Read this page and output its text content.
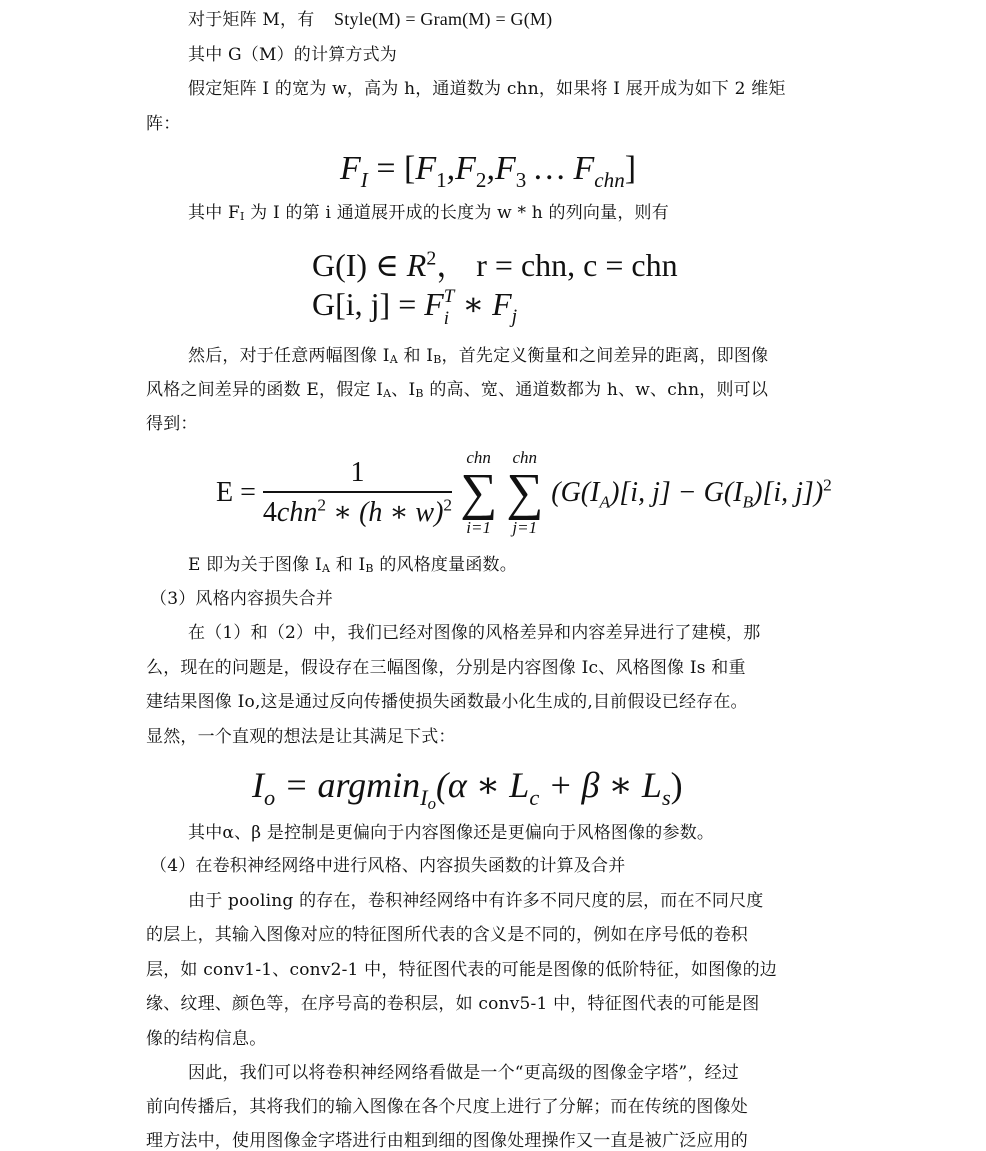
对于矩阵 M，有 Style(M) = Gram(M) = G(M)
其中 G（M）的计算方式为
假定矩阵 I 的宽为 w，高为 h，通道数为 chn，如果将 I 展开成为如下 2 维矩
阵：
$F_I = [F_1,F_2,F_3$ … $F_{chn}$]
其中 FI 为 I 的第 i 通道展开成的长度为 w * h 的列向量，则有
G(I) ∈ $R^2$， r = chn, c = chn
G[i, j] = F T
i ∗ $F_j$
然后，对于任意两幅图像 IA 和 IB，首先定义衡量和之间差异的距离，即图像
风格之间差异的函数 E，假定 IA、IB 的高、宽、通道数都为 h、w、chn，则可以
得到：
$E = \frac{1}{4chn^2 ∗ (h ∗ w)^2}$
chn
∑
i=1

chn
∑
j=1
($G(I_A)[i$, $j] - G(I_B)[i$, j])$^2$
E 即为关于图像 IA 和 IB 的风格度量函数。
（3）风格内容损失合并
在（1）和（2）中，我们已经对图像的风格差异和内容差异进行了建模，那
么，现在的问题是，假设存在三幅图像，分别是内容图像 Ic、风格图像 Is 和重
建结果图像 Io,这是通过反向传播使损失函数最小化生成的,目前假设已经存在。
显然，一个直观的想法是让其满足下式：
$I_o = argmin_{Io}(\alpha$ ∗ $L_c + \beta$ ∗ $L_s$)
其中α、β 是控制是更偏向于内容图像还是更偏向于风格图像的参数。
（4）在卷积神经网络中进行风格、内容损失函数的计算及合并
由于 pooling 的存在，卷积神经网络中有许多不同尺度的层，而在不同尺度
的层上，其输入图像对应的特征图所代表的含义是不同的，例如在序号低的卷积
层，如 conv1-1、conv2-1 中，特征图代表的可能是图像的低阶特征，如图像的边
缘、纹理、颜色等，在序号高的卷积层，如 conv5-1 中，特征图代表的可能是图
像的结构信息。
因此，我们可以将卷积神经网络看做是一个“更高级的图像金字塔”，经过
前向传播后，其将我们的输入图像在各个尺度上进行了分解；而在传统的图像处
理方法中，使用图像金字塔进行由粗到细的图像处理操作又一直是被广泛应用的
